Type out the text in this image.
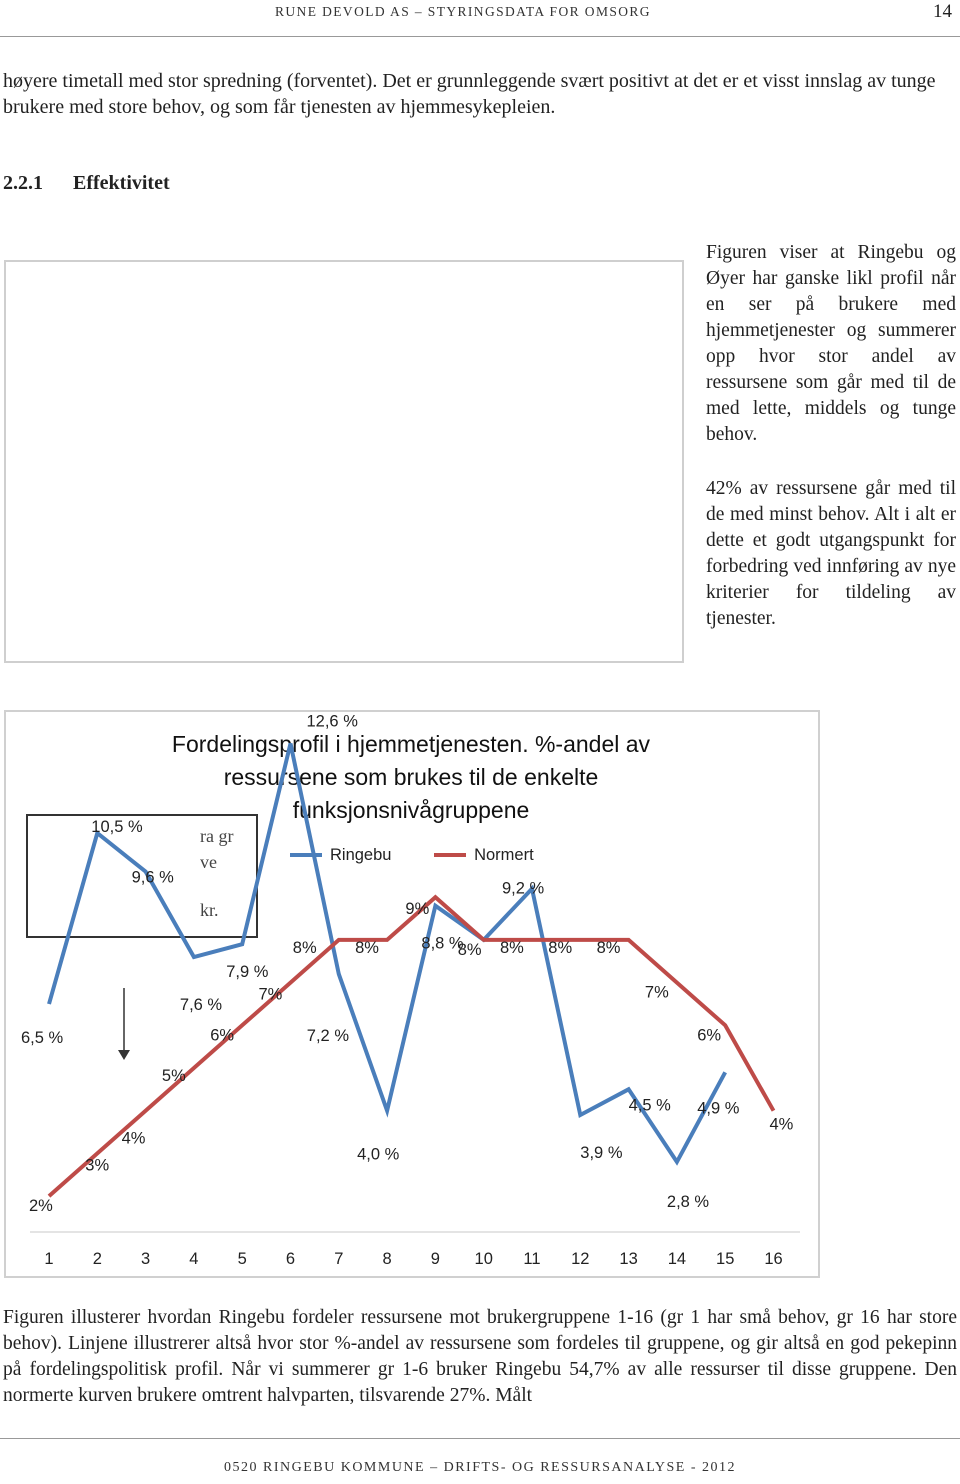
RUNE DEVOLD AS – STYRINGSDATA FOR OMSORG	14
høyere timetall med stor spredning (forventet). Det er grunnleggende svært positivt at det er et visst innslag av tunge brukere med store behov, og som får tjenesten av hjemmesykepleien.
2.2.1 Effektivitet
Figuren viser at Ringebu og Øyer har ganske likl profil når en ser på brukere med hjemmetjenester og summerer opp hvor stor andel av ressursene som går med til de med lette, middels og tunge behov.
42% av ressursene går med til de med minst behov. Alt i alt er dette et godt utgangspunkt for forbedring ved innføring av nye kriterier for tildeling av tjenester.
Fordelingsprofil i hjemmetjenesten. %-andel av ressursene som brukes til de enkelte funksjonsnivågruppene
ra gr
ve
kr.
Ringebu
	Normert
6,5 %
10,5 %
9,6 %
7,6 %
7,9 %
12,6 %
7,2 %
4,0 %
8,8 %
9,2 %
3,9 %
4,5 %
2,8 %
4,9 %
2%
3%
4%
5%
6%
7%
8% 8%
9%
8% 8% 8% 8%
7%
6%
4%
1 2 3 4 5 6 7 8 9 10 11 12 13 14 15 16
Figuren illusterer hvordan Ringebu fordeler ressursene mot brukergruppene 1-16 (gr 1 har små behov, gr 16 har store behov). Linjene illustrerer altså hvor stor %-andel av ressursene som fordeles til gruppene, og gir altså en god pekepinn på fordelingspolitisk profil. Når vi summerer gr 1-6 bruker Ringebu 54,7% av alle ressurser til disse gruppene. Den normerte kurven brukere omtrent halvparten, tilsvarende 27%. Målt
0520 RINGEBU KOMMUNE – DRIFTS- OG RESSURSANALYSE - 2012
